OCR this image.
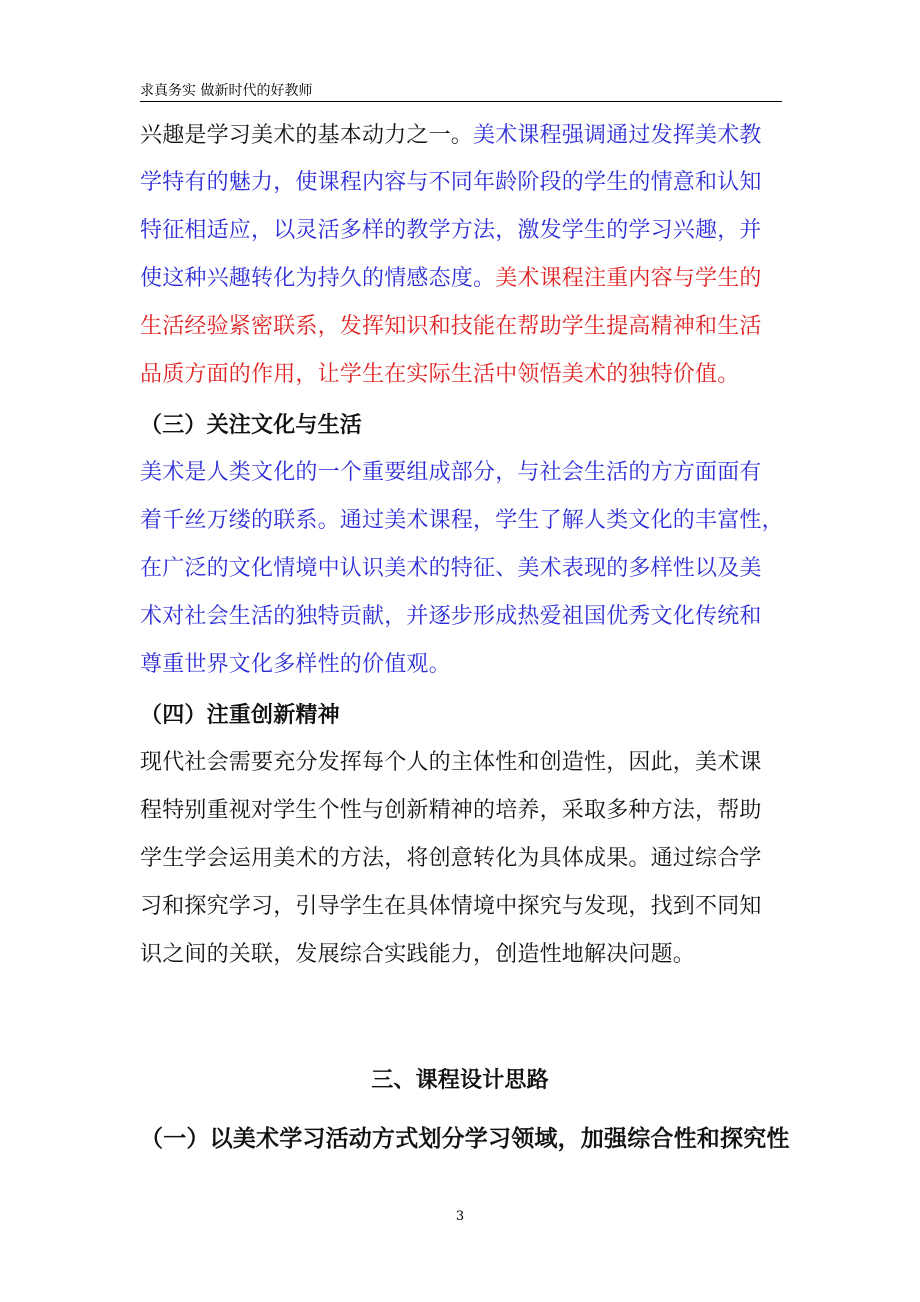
求真务实 做新时代的好教师
兴趣是学习美术的基本动力之一。美术课程强调通过发挥美术教
学特有的魅力，使课程内容与不同年龄阶段的学生的情意和认知
特征相适应，以灵活多样的教学方法，激发学生的学习兴趣，并
使这种兴趣转化为持久的情感态度。美术课程注重内容与学生的
生活经验紧密联系，发挥知识和技能在帮助学生提高精神和生活
品质方面的作用，让学生在实际生活中领悟美术的独特价值。
（三）关注文化与生活
美术是人类文化的一个重要组成部分，与社会生活的方方面面有
着千丝万缕的联系。通过美术课程，学生了解人类文化的丰富性，
在广泛的文化情境中认识美术的特征、美术表现的多样性以及美
术对社会生活的独特贡献，并逐步形成热爱祖国优秀文化传统和
尊重世界文化多样性的价值观。
（四）注重创新精神
现代社会需要充分发挥每个人的主体性和创造性，因此，美术课
程特别重视对学生个性与创新精神的培养，采取多种方法，帮助
学生学会运用美术的方法，将创意转化为具体成果。通过综合学
习和探究学习，引导学生在具体情境中探究与发现，找到不同知
识之间的关联，发展综合实践能力，创造性地解决问题。
三、课程设计思路
（一）以美术学习活动方式划分学习领域，加强综合性和探究性
3
